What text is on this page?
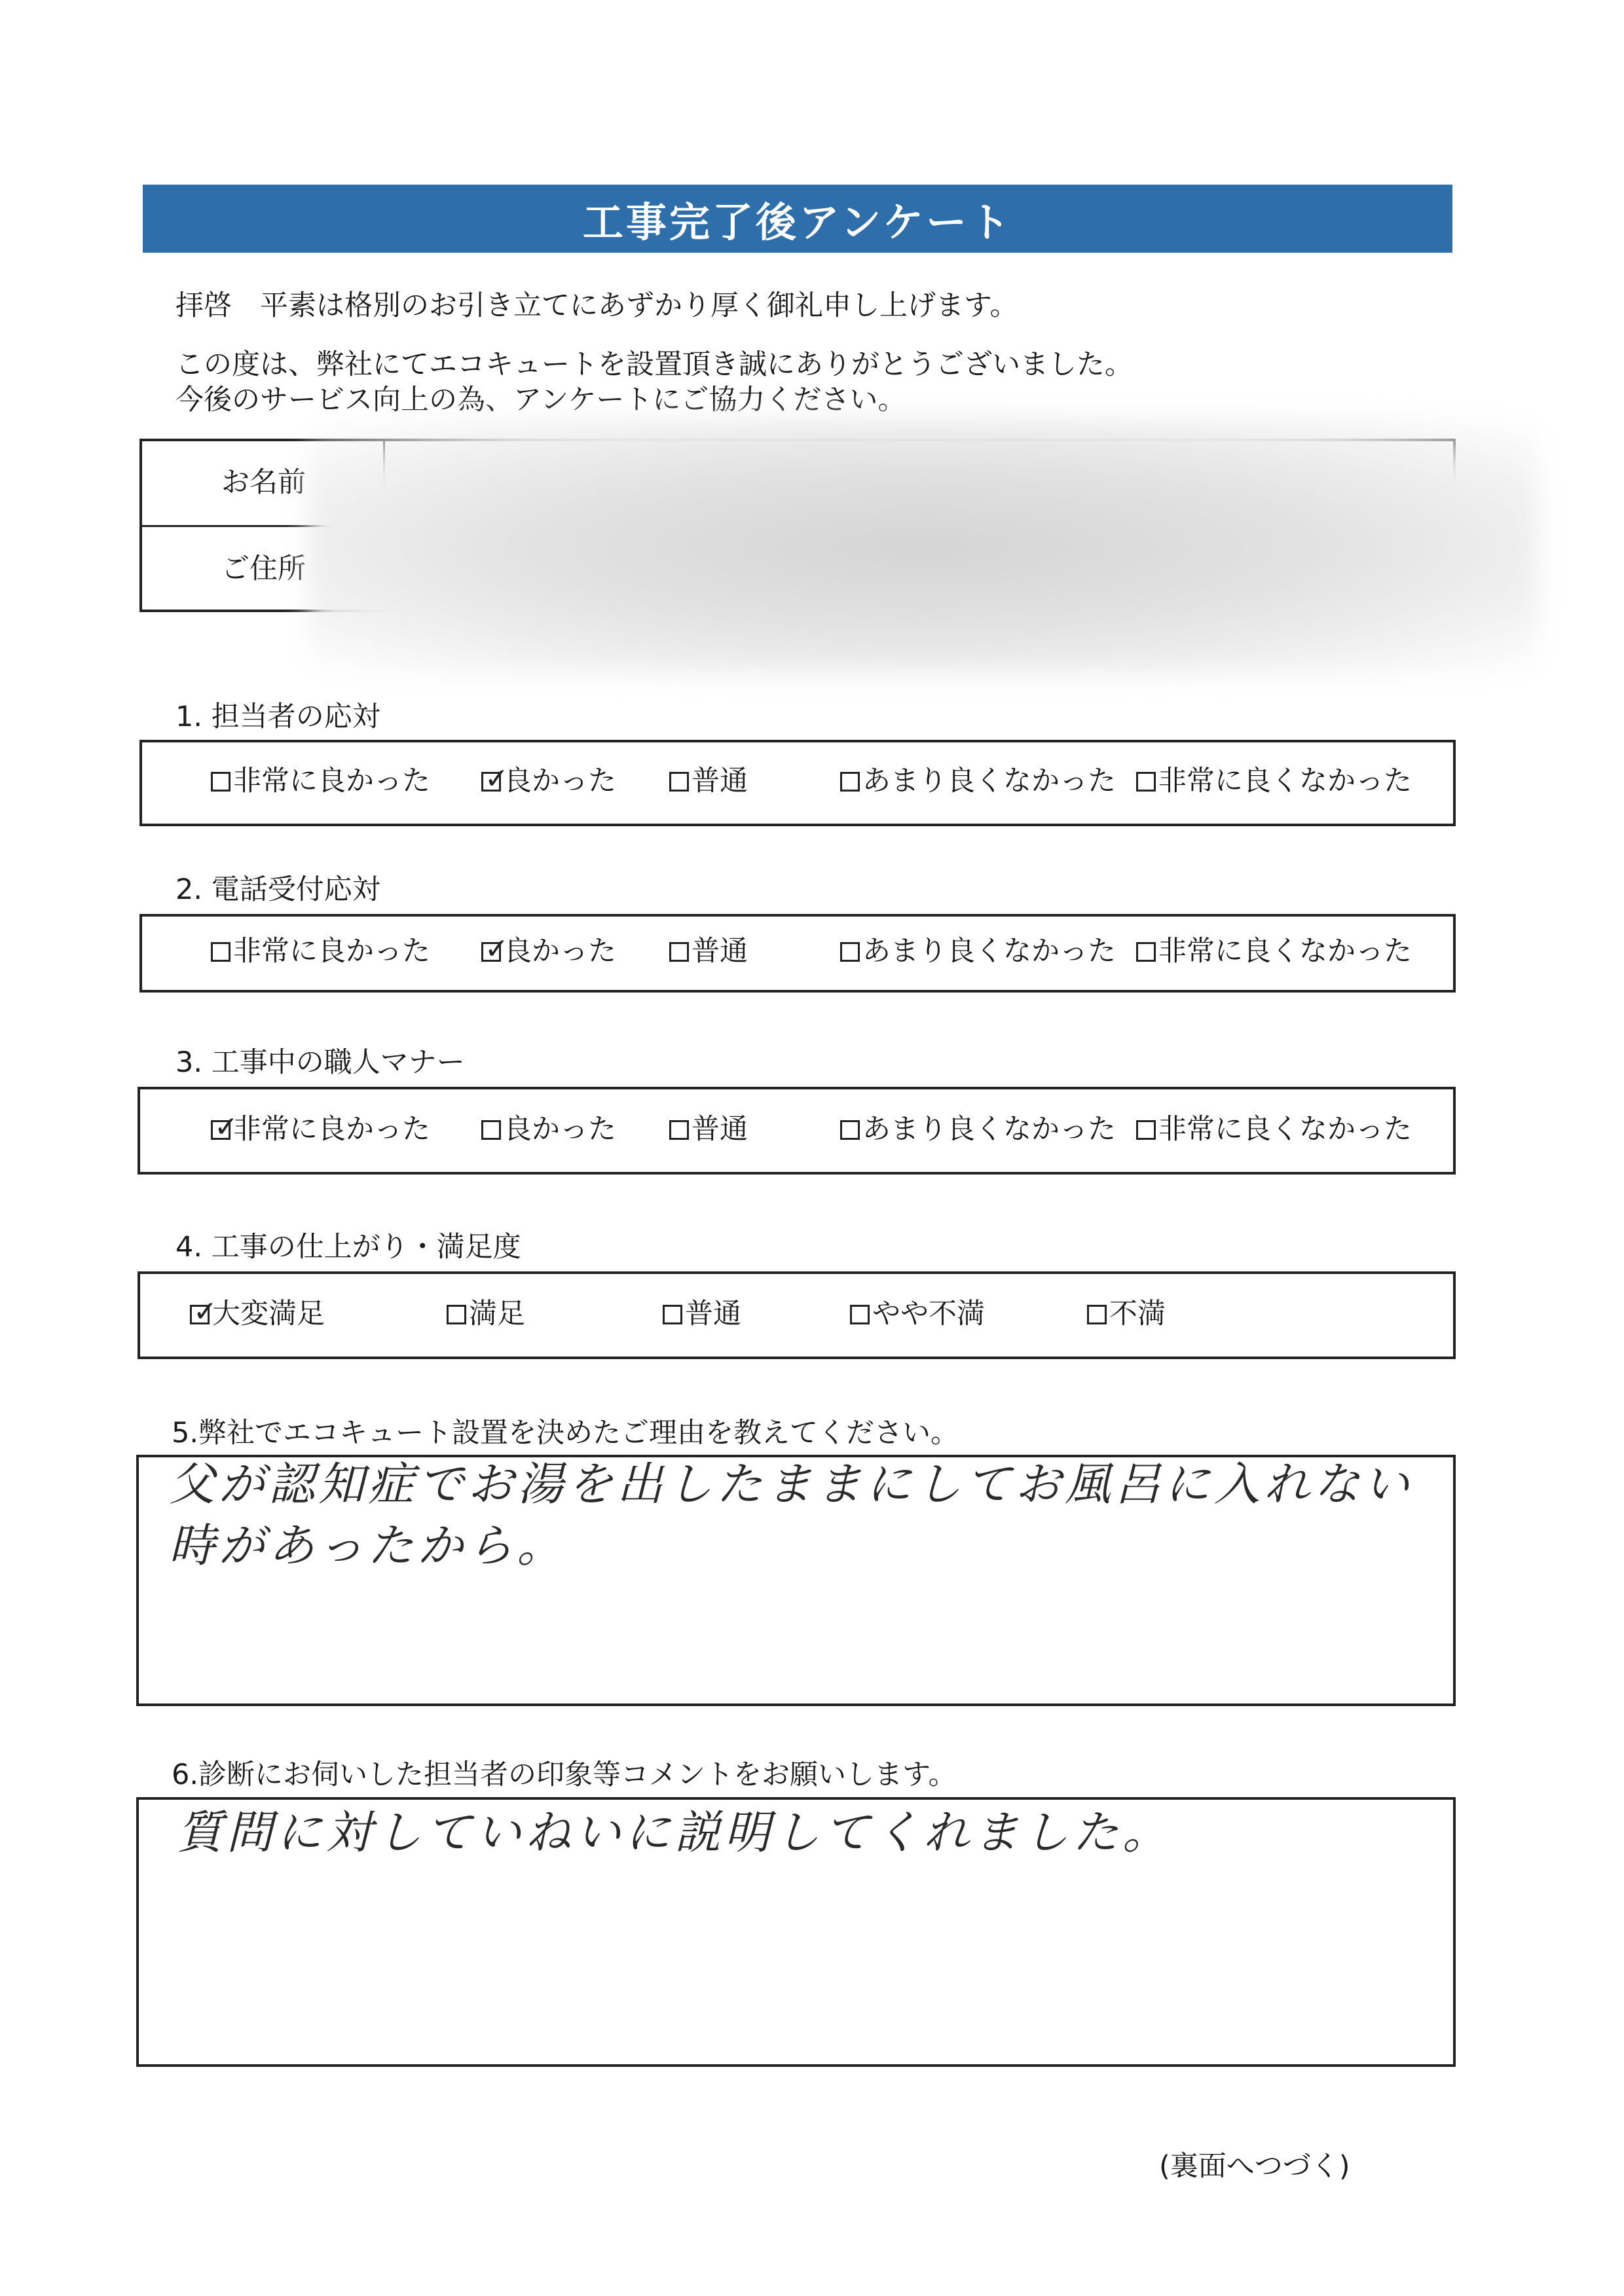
工事完了後アンケート
拝啓　平素は格別のお引き立てにあずかり厚く御礼申し上げます。
この度は、弊社にてエコキュートを設置頂き誠にありがとうございました。
今後のサービス向上の為、アンケートにご協力ください。
お名前
ご住所
1. 担当者の応対
2. 電話受付応対
3. 工事中の職人マナー
4. 工事の仕上がり・満足度
非常に良かった ✓
良かった	普通	あまり良くなかった 非常に良くなかった
非常に良かった ✓
良かった	普通	あまり良くなかった 非常に良くなかった
✓
非常に良かった	良かった	普通	あまり良くなかった 非常に良くなかった
✓
大変満足	満足	普通	やや不満	不満
5.弊社でエコキュート設置を決めたご理由を教えてください。
父が認知症でお湯を出したままにしてお風呂に入れない
時があったから。
6.診断にお伺いした担当者の印象等コメントをお願いします。
質問に対していねいに説明してくれました。
(裏面へつづく)
